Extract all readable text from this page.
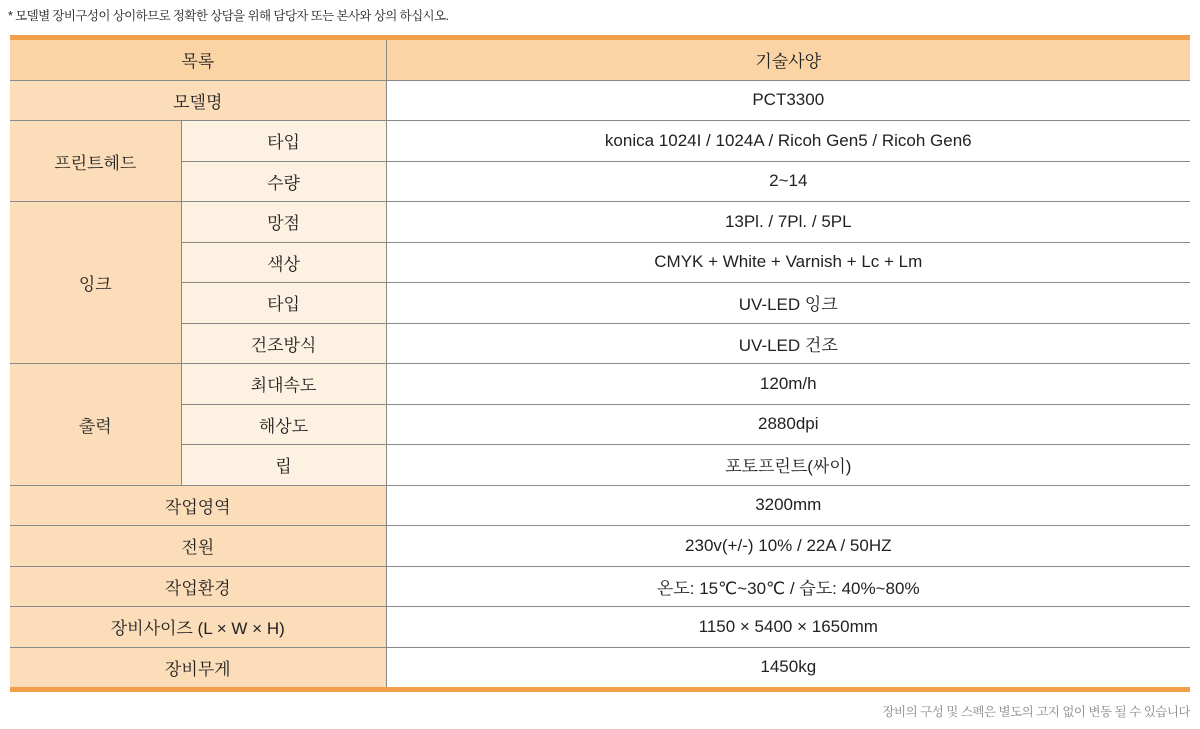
* 모델별 장비구성이 상이하므로 정확한 상담을 위해 담당자 또는 본사와 상의 하십시오.
목록		기술사양
모델명		PCT3300
프린트헤드	타입	konica 1024I / 1024A / Ricoh Gen5 / Ricoh Gen6
	수량	2~14
잉크	망점	13Pl. / 7Pl. / 5PL
	색상	CMYK + White + Varnish + Lc + Lm
	타입	UV-LED 잉크
	건조방식	UV-LED 건조
출력	최대속도	120m/h
	해상도	2880dpi
	립	포토프린트(싸이)
작업영역		3200mm
전원		230v(+/-) 10% / 22A / 50HZ
작업환경		온도: 15℃~30℃ / 습도: 40%~80%
장비사이즈 (L × W × H)		1150 × 5400 × 1650mm
장비무게		1450kg
장비의 구성 및 스펙은 별도의 고지 없이 변동 될 수 있습니다
